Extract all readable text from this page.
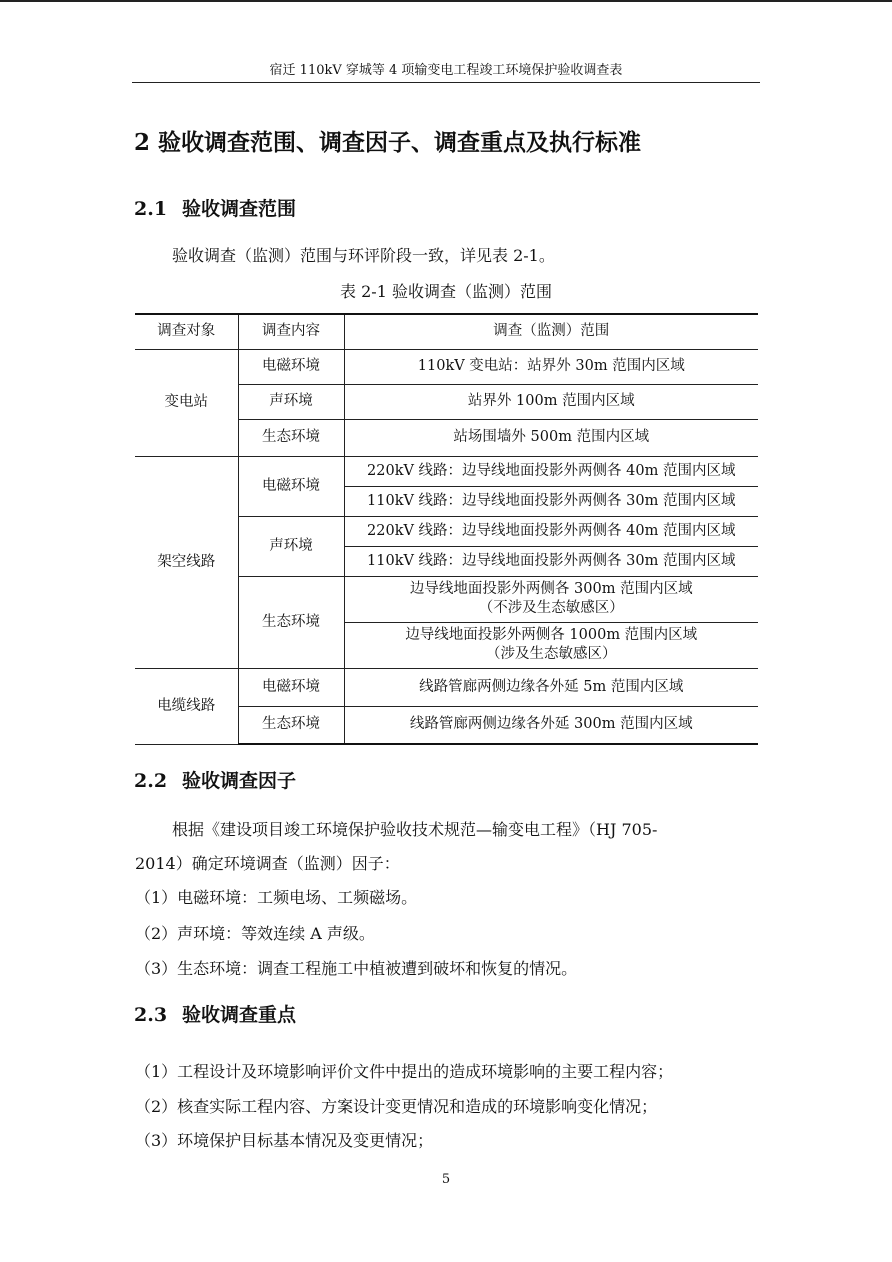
宿迁 110kV 穿城等 4 项输变电工程竣工环境保护验收调查表
2 验收调查范围、调查因子、调查重点及执行标准
2.1 验收调查范围
验收调查（监测）范围与环评阶段一致，详见表 2-1。
表 2-1 验收调查（监测）范围
调查对象	调查内容	调查（监测）范围
变电站	电磁环境	110kV 变电站：站界外 30m 范围内区域
	声环境	站界外 100m 范围内区域
	生态环境	站场围墙外 500m 范围内区域
架空线路	电磁环境	220kV 线路：边导线地面投影外两侧各 40m 范围内区域
		110kV 线路：边导线地面投影外两侧各 30m 范围内区域
	声环境	220kV 线路：边导线地面投影外两侧各 40m 范围内区域
		110kV 线路：边导线地面投影外两侧各 30m 范围内区域
	生态环境	边导线地面投影外两侧各 300m 范围内区域
（不涉及生态敏感区）

		边导线地面投影外两侧各 1000m 范围内区域
（涉及生态敏感区）

电缆线路	电磁环境	线路管廊两侧边缘各外延 5m 范围内区域
	生态环境	线路管廊两侧边缘各外延 300m 范围内区域
2.2 验收调查因子
根据《建设项目竣工环境保护验收技术规范—输变电工程》（HJ 705-
2014）确定环境调查（监测）因子：
（1）电磁环境：工频电场、工频磁场。
（2）声环境：等效连续 A 声级。
（3）生态环境：调查工程施工中植被遭到破坏和恢复的情况。
2.3 验收调查重点
（1）工程设计及环境影响评价文件中提出的造成环境影响的主要工程内容；
（2）核查实际工程内容、方案设计变更情况和造成的环境影响变化情况；
（3）环境保护目标基本情况及变更情况；
5
